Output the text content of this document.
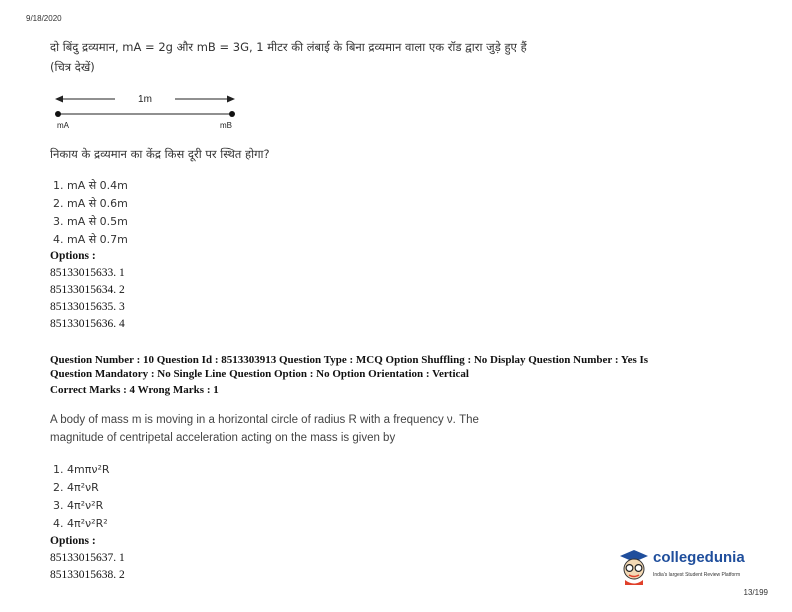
9/18/2020
दो बिंदु द्रव्यमान, mA = 2g और mB = 3G, 1 मीटर की लंबाई के बिना द्रव्यमान वाला एक रॉड द्वारा जुड़े हुए हैं
(चित्र देखें)
1m
mA	mB
निकाय के द्रव्यमान का केंद्र किस दूरी पर स्थित होगा?
1. mA से 0.4m
2. mA से 0.6m
3. mA से 0.5m
4. mA से 0.7m
Options :
85133015633. 1
85133015634. 2
85133015635. 3
85133015636. 4
Question Number : 10 Question Id : 8513303913 Question Type : MCQ Option Shuffling : No Display Question Number : Yes Is
Question Mandatory : No Single Line Question Option : No Option Orientation : Vertical
Correct Marks : 4 Wrong Marks : 1
A body of mass m is moving in a horizontal circle of radius R with a frequency ν. The
magnitude of centripetal acceleration acting on the mass is given by
1. 4mπν²R
2. 4π²νR
3. 4π²ν²R
4. 4π²ν²R²
Options :
85133015637. 1
85133015638. 2
collegedunia
India's largest Student Review Platform
13/199
